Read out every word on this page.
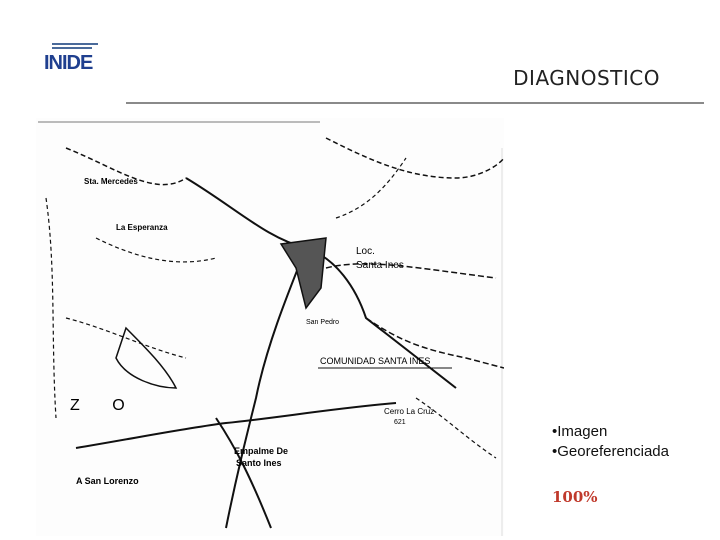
INIDE
DIAGNOSTICO
Sta. Mercedes
La Esperanza
Loc.
Santa Ines
San Pedro
COMUNIDAD SANTA INES
Cerro La Cruz
621
Z O
Empalme De
Santo Ines
A San Lorenzo
•Imagen
•Georeferenciada
100%
